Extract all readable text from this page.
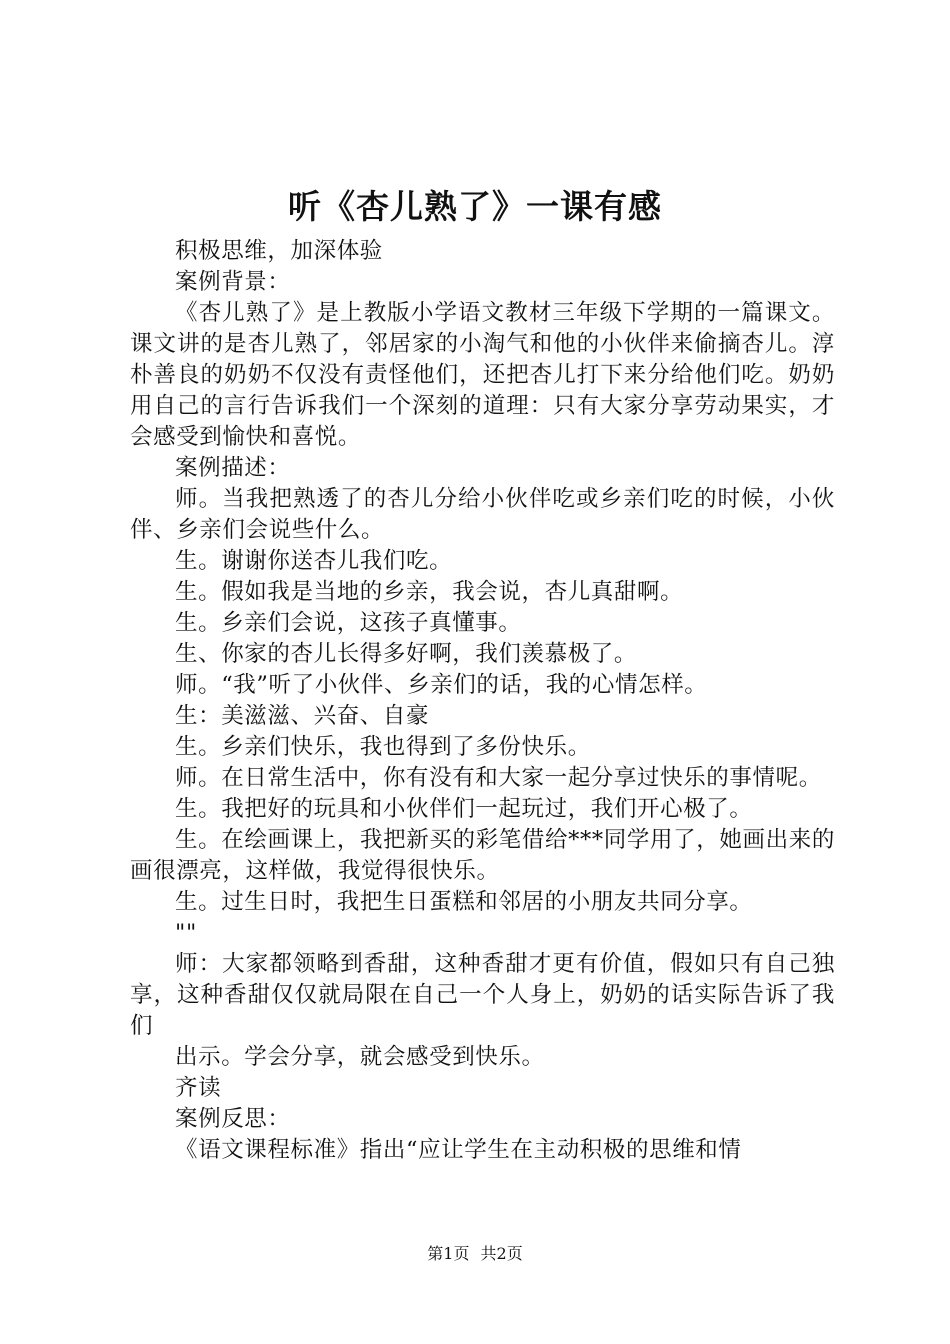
听《杏儿熟了》一课有感

积极思维，加深体验

案例背景：

《杏儿熟了》是上教版小学语文教材三年级下学期的一篇课文。课文讲的是杏儿熟了，邻居家的小淘气和他的小伙伴来偷摘杏儿。淳朴善良的奶奶不仅没有责怪他们，还把杏儿打下来分给他们吃。奶奶用自己的言行告诉我们一个深刻的道理：只有大家分享劳动果实，才会感受到愉快和喜悦。

案例描述：

师。当我把熟透了的杏儿分给小伙伴吃或乡亲们吃的时候，小伙伴、乡亲们会说些什么。

生。谢谢你送杏儿我们吃。

生。假如我是当地的乡亲，我会说，杏儿真甜啊。

生。乡亲们会说，这孩子真懂事。

生、你家的杏儿长得多好啊，我们羡慕极了。

师。“我”听了小伙伴、乡亲们的话，我的心情怎样。

生：美滋滋、兴奋、自豪

生。乡亲们快乐，我也得到了多份快乐。

师。在日常生活中，你有没有和大家一起分享过快乐的事情呢。

生。我把好的玩具和小伙伴们一起玩过，我们开心极了。

生。在绘画课上，我把新买的彩笔借给***同学用了，她画出来的画很漂亮，这样做，我觉得很快乐。

生。过生日时，我把生日蛋糕和邻居的小朋友共同分享。

""

师：大家都领略到香甜，这种香甜才更有价值，假如只有自己独享，这种香甜仅仅就局限在自己一个人身上，奶奶的话实际告诉了我们

出示。学会分享，就会感受到快乐。

齐读

案例反思：

《语文课程标准》指出“应让学生在主动积极的思维和情

第1页 共2页
